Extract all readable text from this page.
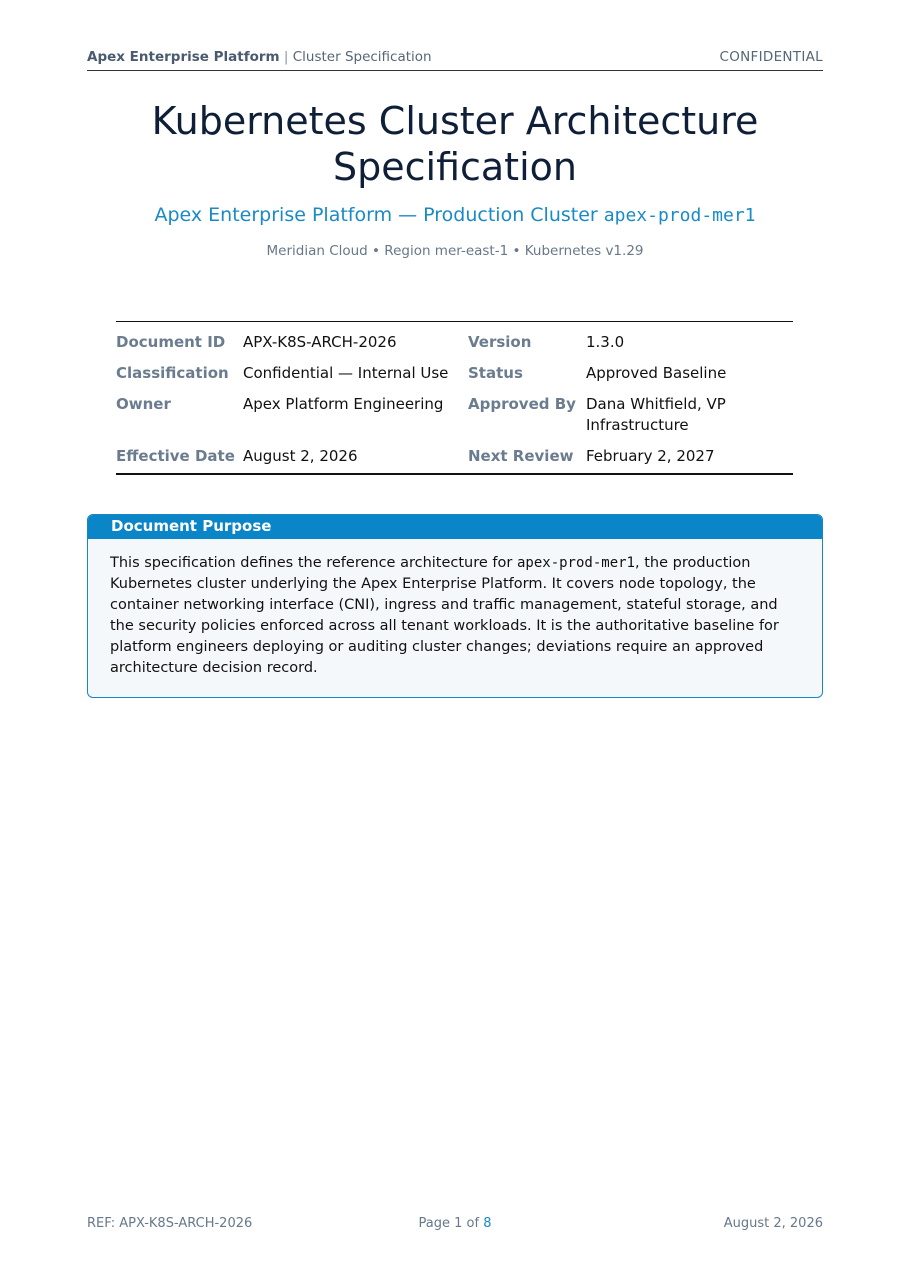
Apex Enterprise Platform | Cluster Specification	CONFIDENTIAL
Kubernetes Cluster Architecture
Specification
Apex Enterprise Platform — Production Cluster apex-prod-mer1
Meridian Cloud • Region mer-east-1 • Kubernetes v1.29
Document ID	APX-K8S-ARCH-2026	Version	1.3.0
Classification Confidential — Internal Use	Status	Approved Baseline
Owner	Apex Platform Engineering	Approved By Dana Whitfield, VP Infrastructure
Effective Date August 2, 2026	Next Review February 2, 2027
Document Purpose
This specification defines the reference architecture for apex-prod-mer1, the production Kubernetes cluster underlying the Apex Enterprise Platform. It covers node topology, the container networking interface (CNI), ingress and traffic management, stateful storage, and the security policies enforced across all tenant workloads. It is the authoritative baseline for platform engineers deploying or auditing cluster changes; deviations require an approved architecture decision record.
REF: APX-K8S-ARCH-2026	Page 1 of 8	August 2, 2026
